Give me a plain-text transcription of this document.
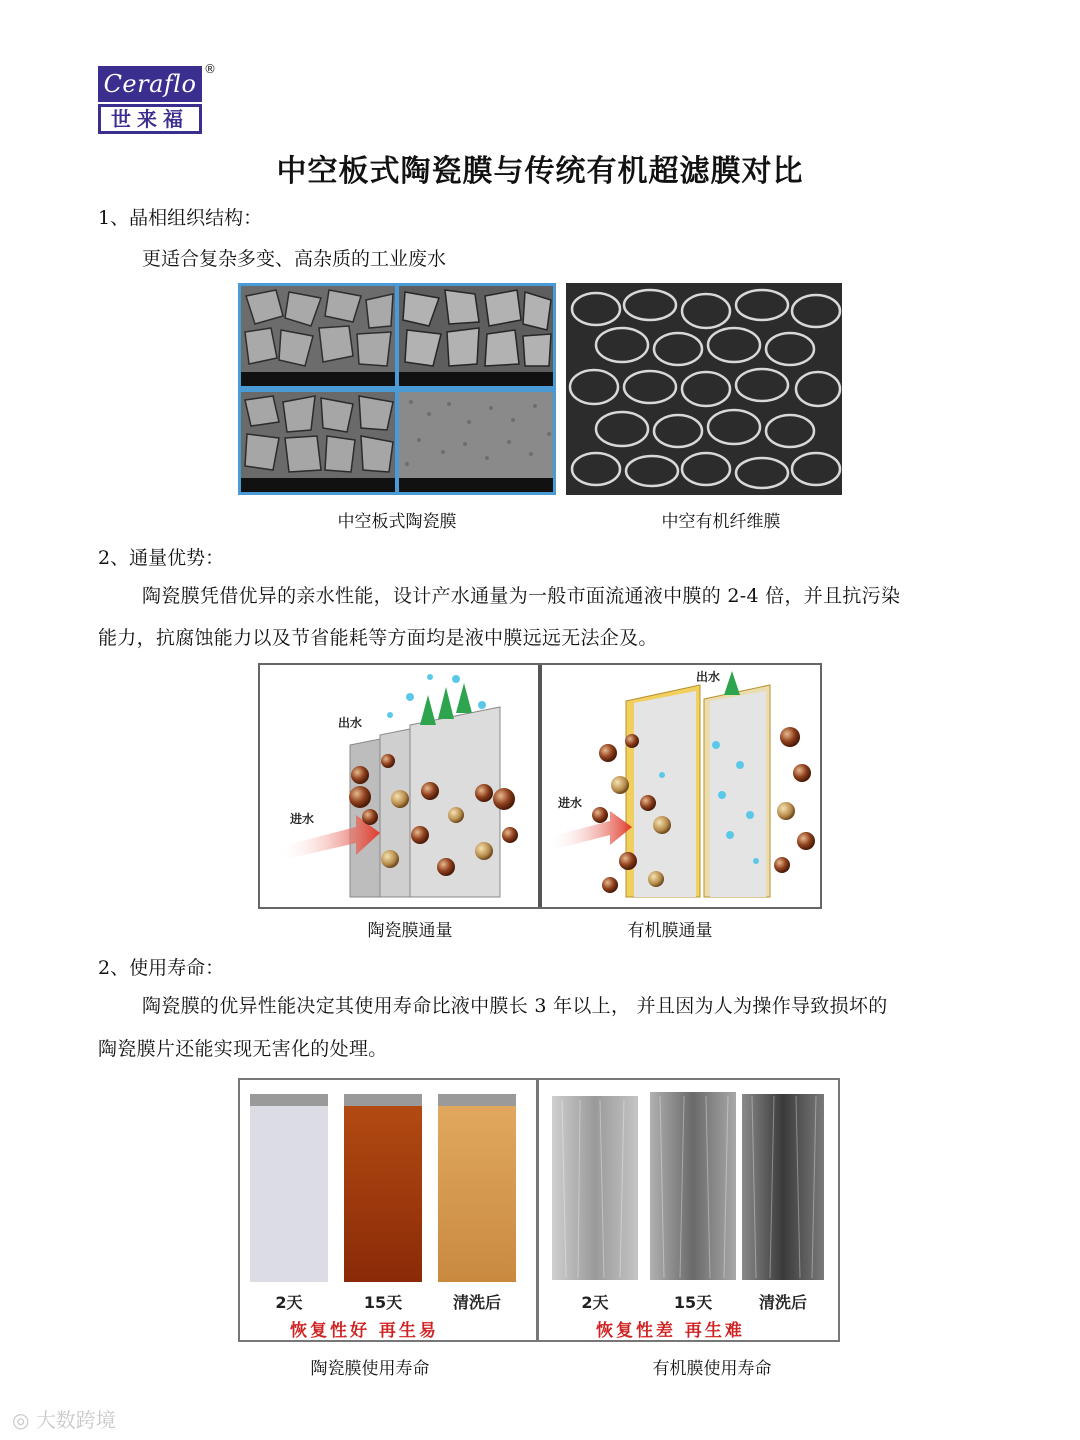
Ceraflo
世来福
®
中空板式陶瓷膜与传统有机超滤膜对比
1、晶相组织结构：
更适合复杂多变、高杂质的工业废水
中空板式陶瓷膜	中空有机纤维膜
2、通量优势：
陶瓷膜凭借优异的亲水性能，设计产水通量为一般市面流通液中膜的 2-4 倍，并且抗污染
能力，抗腐蚀能力以及节省能耗等方面均是液中膜远远无法企及。
出水
进水
出水
进水
陶瓷膜通量	有机膜通量
2、使用寿命：
陶瓷膜的优异性能决定其使用寿命比液中膜长 3 年以上， 并且因为人为操作导致损坏的
陶瓷膜片还能实现无害化的处理。
2天	15天	清洗后	2天	15天	清洗后
恢复性好 再生易	恢复性差 再生难
陶瓷膜使用寿命	有机膜使用寿命
◎ 大数跨境
